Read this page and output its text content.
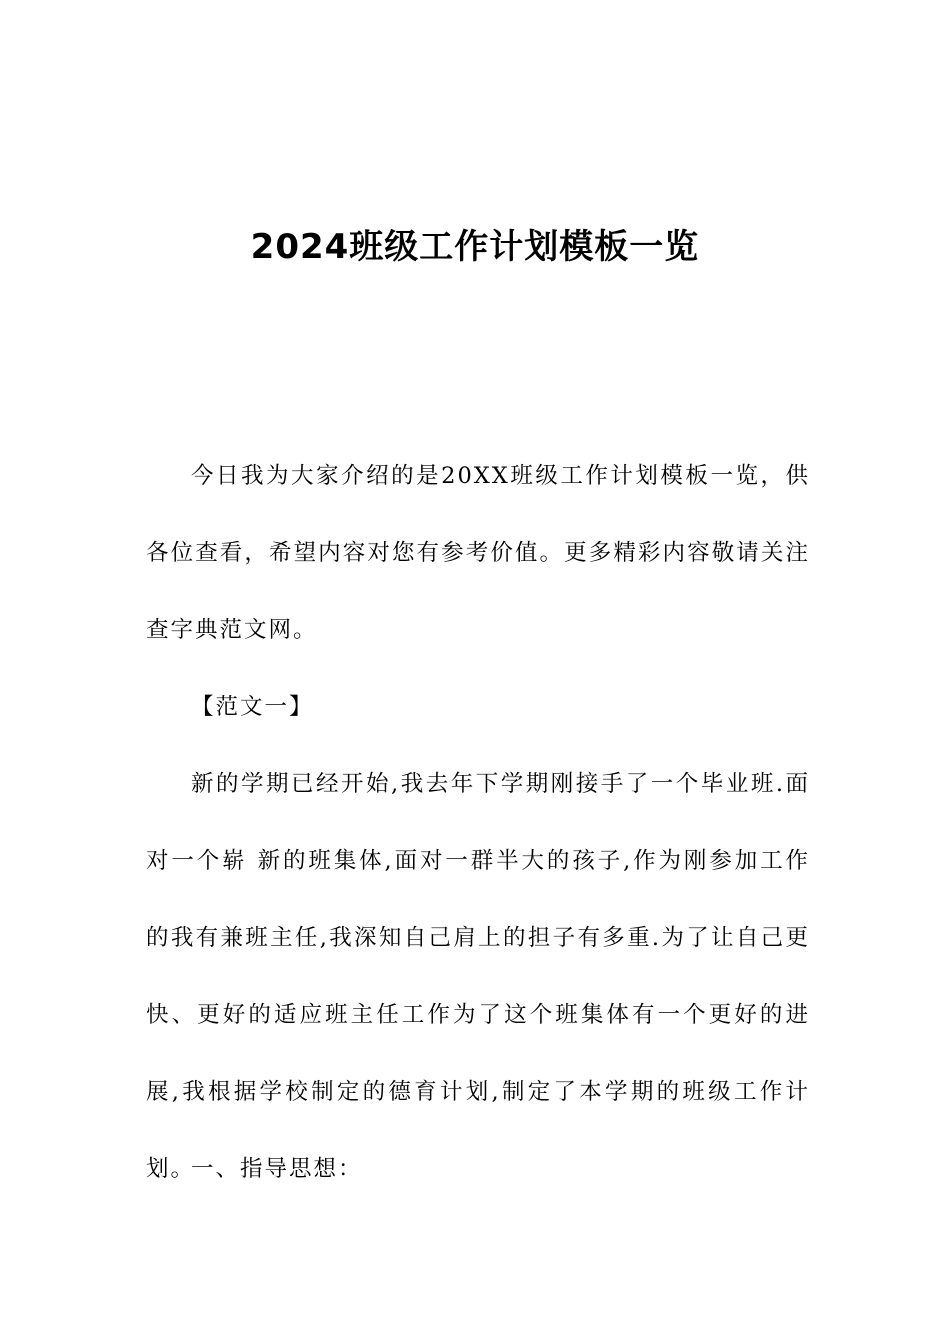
2024班级工作计划模板一览

今日我为大家介绍的是20XX班级工作计划模板一览，供各位查看，希望内容对您有参考价值。更多精彩内容敬请关注查字典范文网。

【范文一】

新的学期已经开始,我去年下学期刚接手了一个毕业班.面对一个崭 新的班集体,面对一群半大的孩子,作为刚参加工作的我有兼班主任,我深知自己肩上的担子有多重.为了让自己更快、更好的适应班主任工作为了这个班集体有一个更好的进展,我根据学校制定的德育计划,制定了本学期的班级工作计划。

一、指导思想：
